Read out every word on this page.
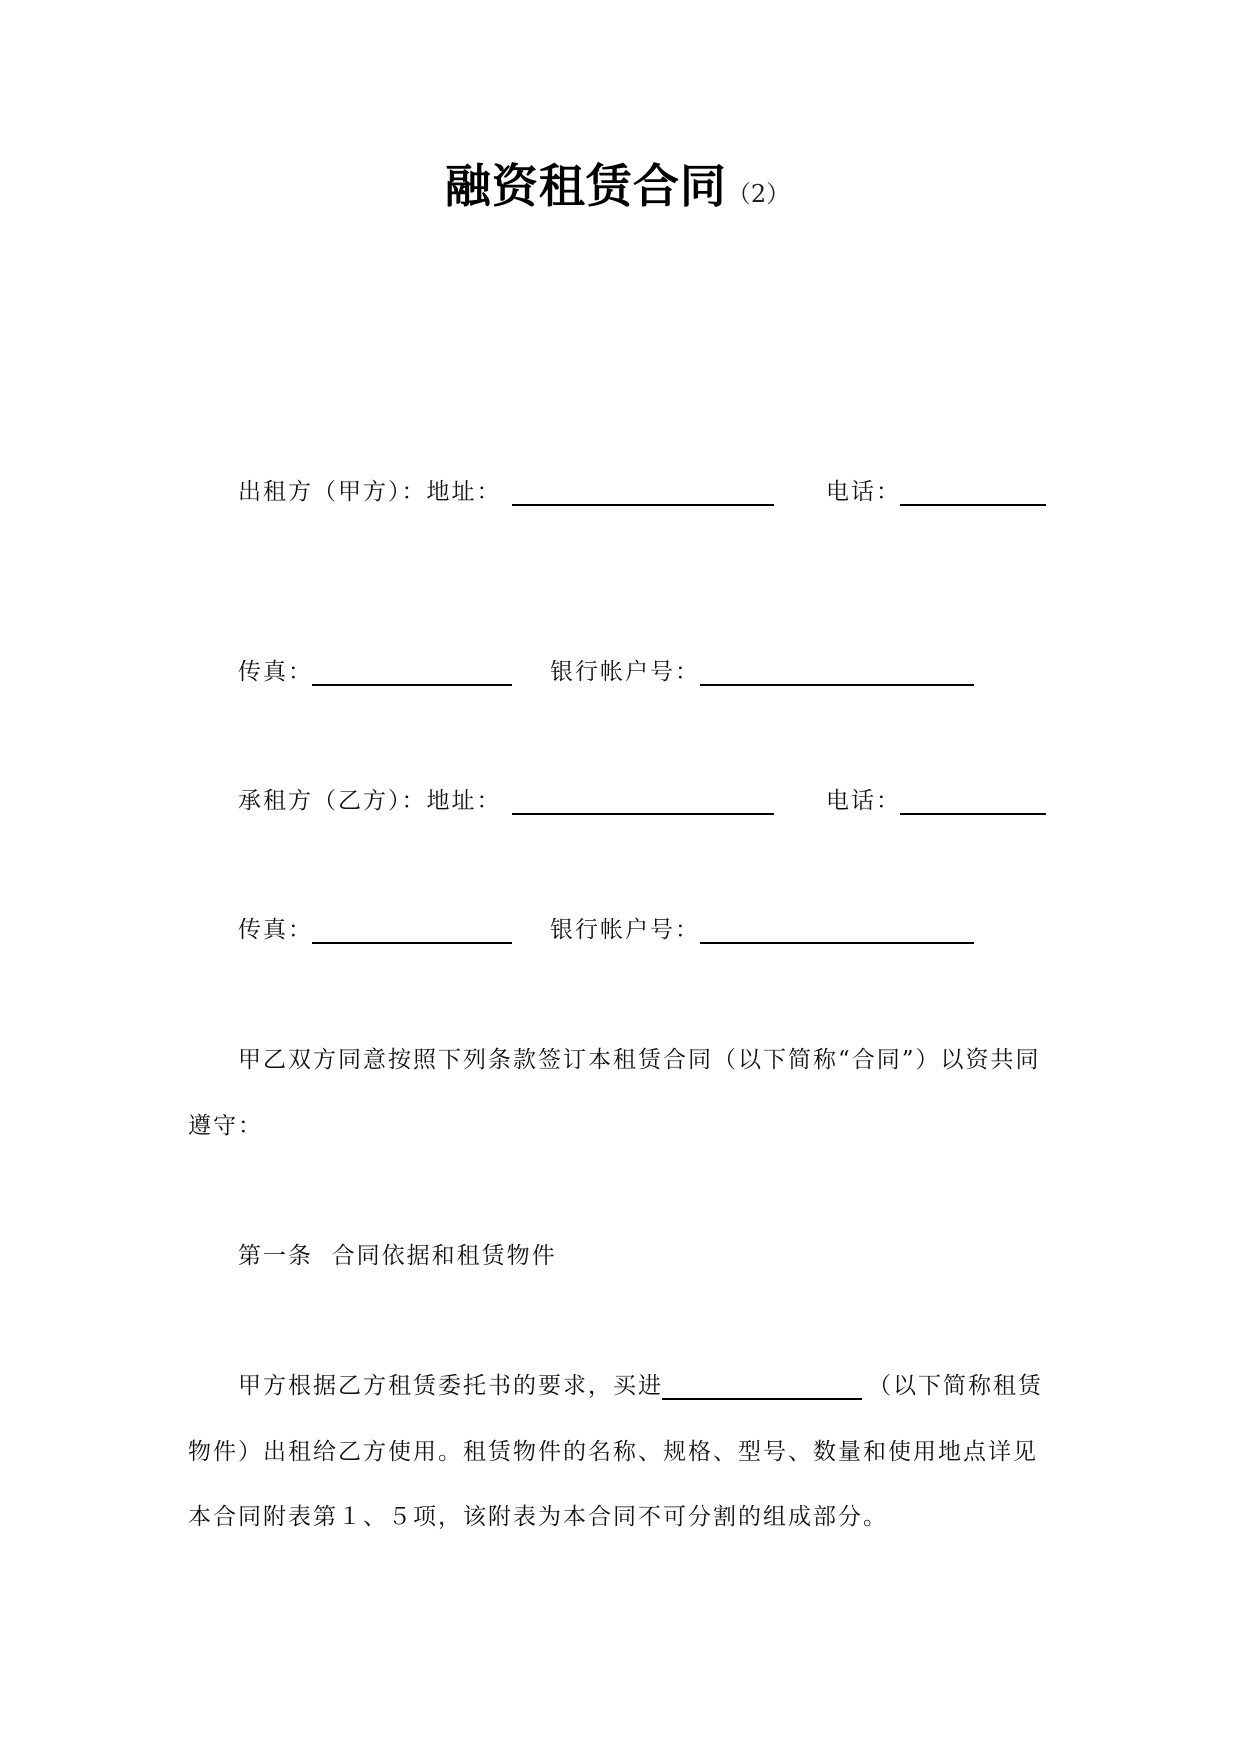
融资租赁合同（2）
出租方（甲方）：地址：	电话：
传真：	银行帐户号：
承租方（乙方）：地址：	电话：
传真：	银行帐户号：
甲乙双方同意按照下列条款签订本租赁合同（以下简称“合同”）以资共同
遵守：
第一条  合同依据和租赁物件
甲方根据乙方租赁委托书的要求，买进	（以下简称租赁
物件）出租给乙方使用。租赁物件的名称、规格、型号、数量和使用地点详见
本合同附表第１、５项，该附表为本合同不可分割的组成部分。
